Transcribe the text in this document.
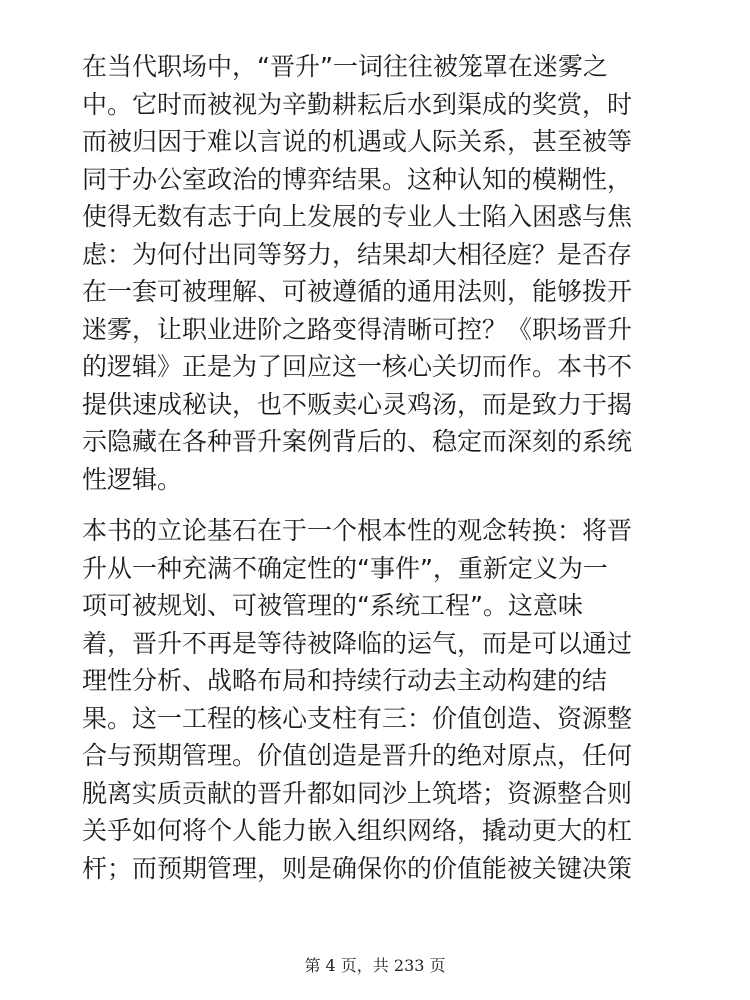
在当代职场中，“晋升”一词往往被笼罩在迷雾之
中。它时而被视为辛勤耕耘后水到渠成的奖赏，时
而被归因于难以言说的机遇或人际关系，甚至被等
同于办公室政治的博弈结果。这种认知的模糊性，
使得无数有志于向上发展的专业人士陷入困惑与焦
虑：为何付出同等努力，结果却大相径庭？是否存
在一套可被理解、可被遵循的通用法则，能够拨开
迷雾，让职业进阶之路变得清晰可控？《职场晋升
的逻辑》正是为了回应这一核心关切而作。本书不
提供速成秘诀，也不贩卖心灵鸡汤，而是致力于揭
示隐藏在各种晋升案例背后的、稳定而深刻的系统
性逻辑。

本书的立论基石在于一个根本性的观念转换：将晋
升从一种充满不确定性的“事件”，重新定义为一
项可被规划、可被管理的“系统工程”。这意味
着，晋升不再是等待被降临的运气，而是可以通过
理性分析、战略布局和持续行动去主动构建的结
果。这一工程的核心支柱有三：价值创造、资源整
合与预期管理。价值创造是晋升的绝对原点，任何
脱离实质贡献的晋升都如同沙上筑塔；资源整合则
关乎如何将个人能力嵌入组织网络，撬动更大的杠
杆；而预期管理，则是确保你的价值能被关键决策

第 4 页，共 233 页
